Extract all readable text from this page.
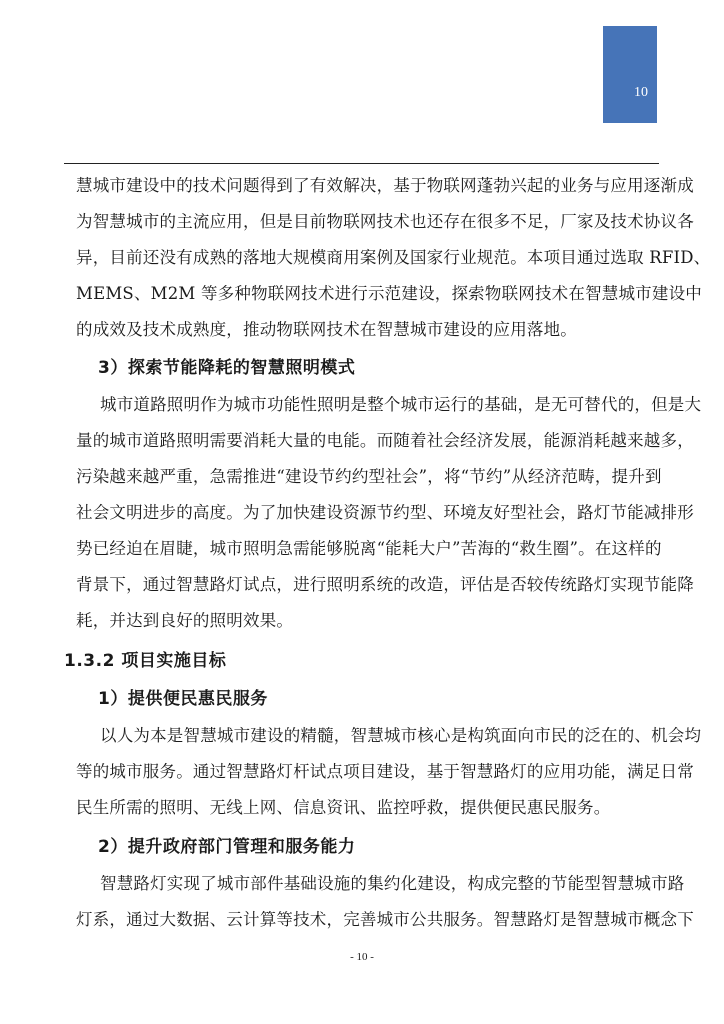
10
慧城市建设中的技术问题得到了有效解决，基于物联网蓬勃兴起的业务与应用逐渐成
为智慧城市的主流应用，但是目前物联网技术也还存在很多不足，厂家及技术协议各
异，目前还没有成熟的落地大规模商用案例及国家行业规范。本项目通过选取 RFID、
MEMS、M2M 等多种物联网技术进行示范建设，探索物联网技术在智慧城市建设中
的成效及技术成熟度，推动物联网技术在智慧城市建设的应用落地。
3）探索节能降耗的智慧照明模式
城市道路照明作为城市功能性照明是整个城市运行的基础，是无可替代的，但是大
量的城市道路照明需要消耗大量的电能。而随着社会经济发展，能源消耗越来越多，
污染越来越严重，急需推进“建设节约约型社会”，将“节约”从经济范畴，提升到
社会文明进步的高度。为了加快建设资源节约型、环境友好型社会，路灯节能减排形
势已经迫在眉睫，城市照明急需能够脱离“能耗大户”苦海的“救生圈”。在这样的
背景下，通过智慧路灯试点，进行照明系统的改造，评估是否较传统路灯实现节能降
耗，并达到良好的照明效果。
1.3.2 项目实施目标
1）提供便民惠民服务
以人为本是智慧城市建设的精髓，智慧城市核心是构筑面向市民的泛在的、机会均
等的城市服务。通过智慧路灯杆试点项目建设，基于智慧路灯的应用功能，满足日常
民生所需的照明、无线上网、信息资讯、监控呼救，提供便民惠民服务。
2）提升政府部门管理和服务能力
智慧路灯实现了城市部件基础设施的集约化建设，构成完整的节能型智慧城市路
灯系，通过大数据、云计算等技术，完善城市公共服务。智慧路灯是智慧城市概念下
- 10 -
